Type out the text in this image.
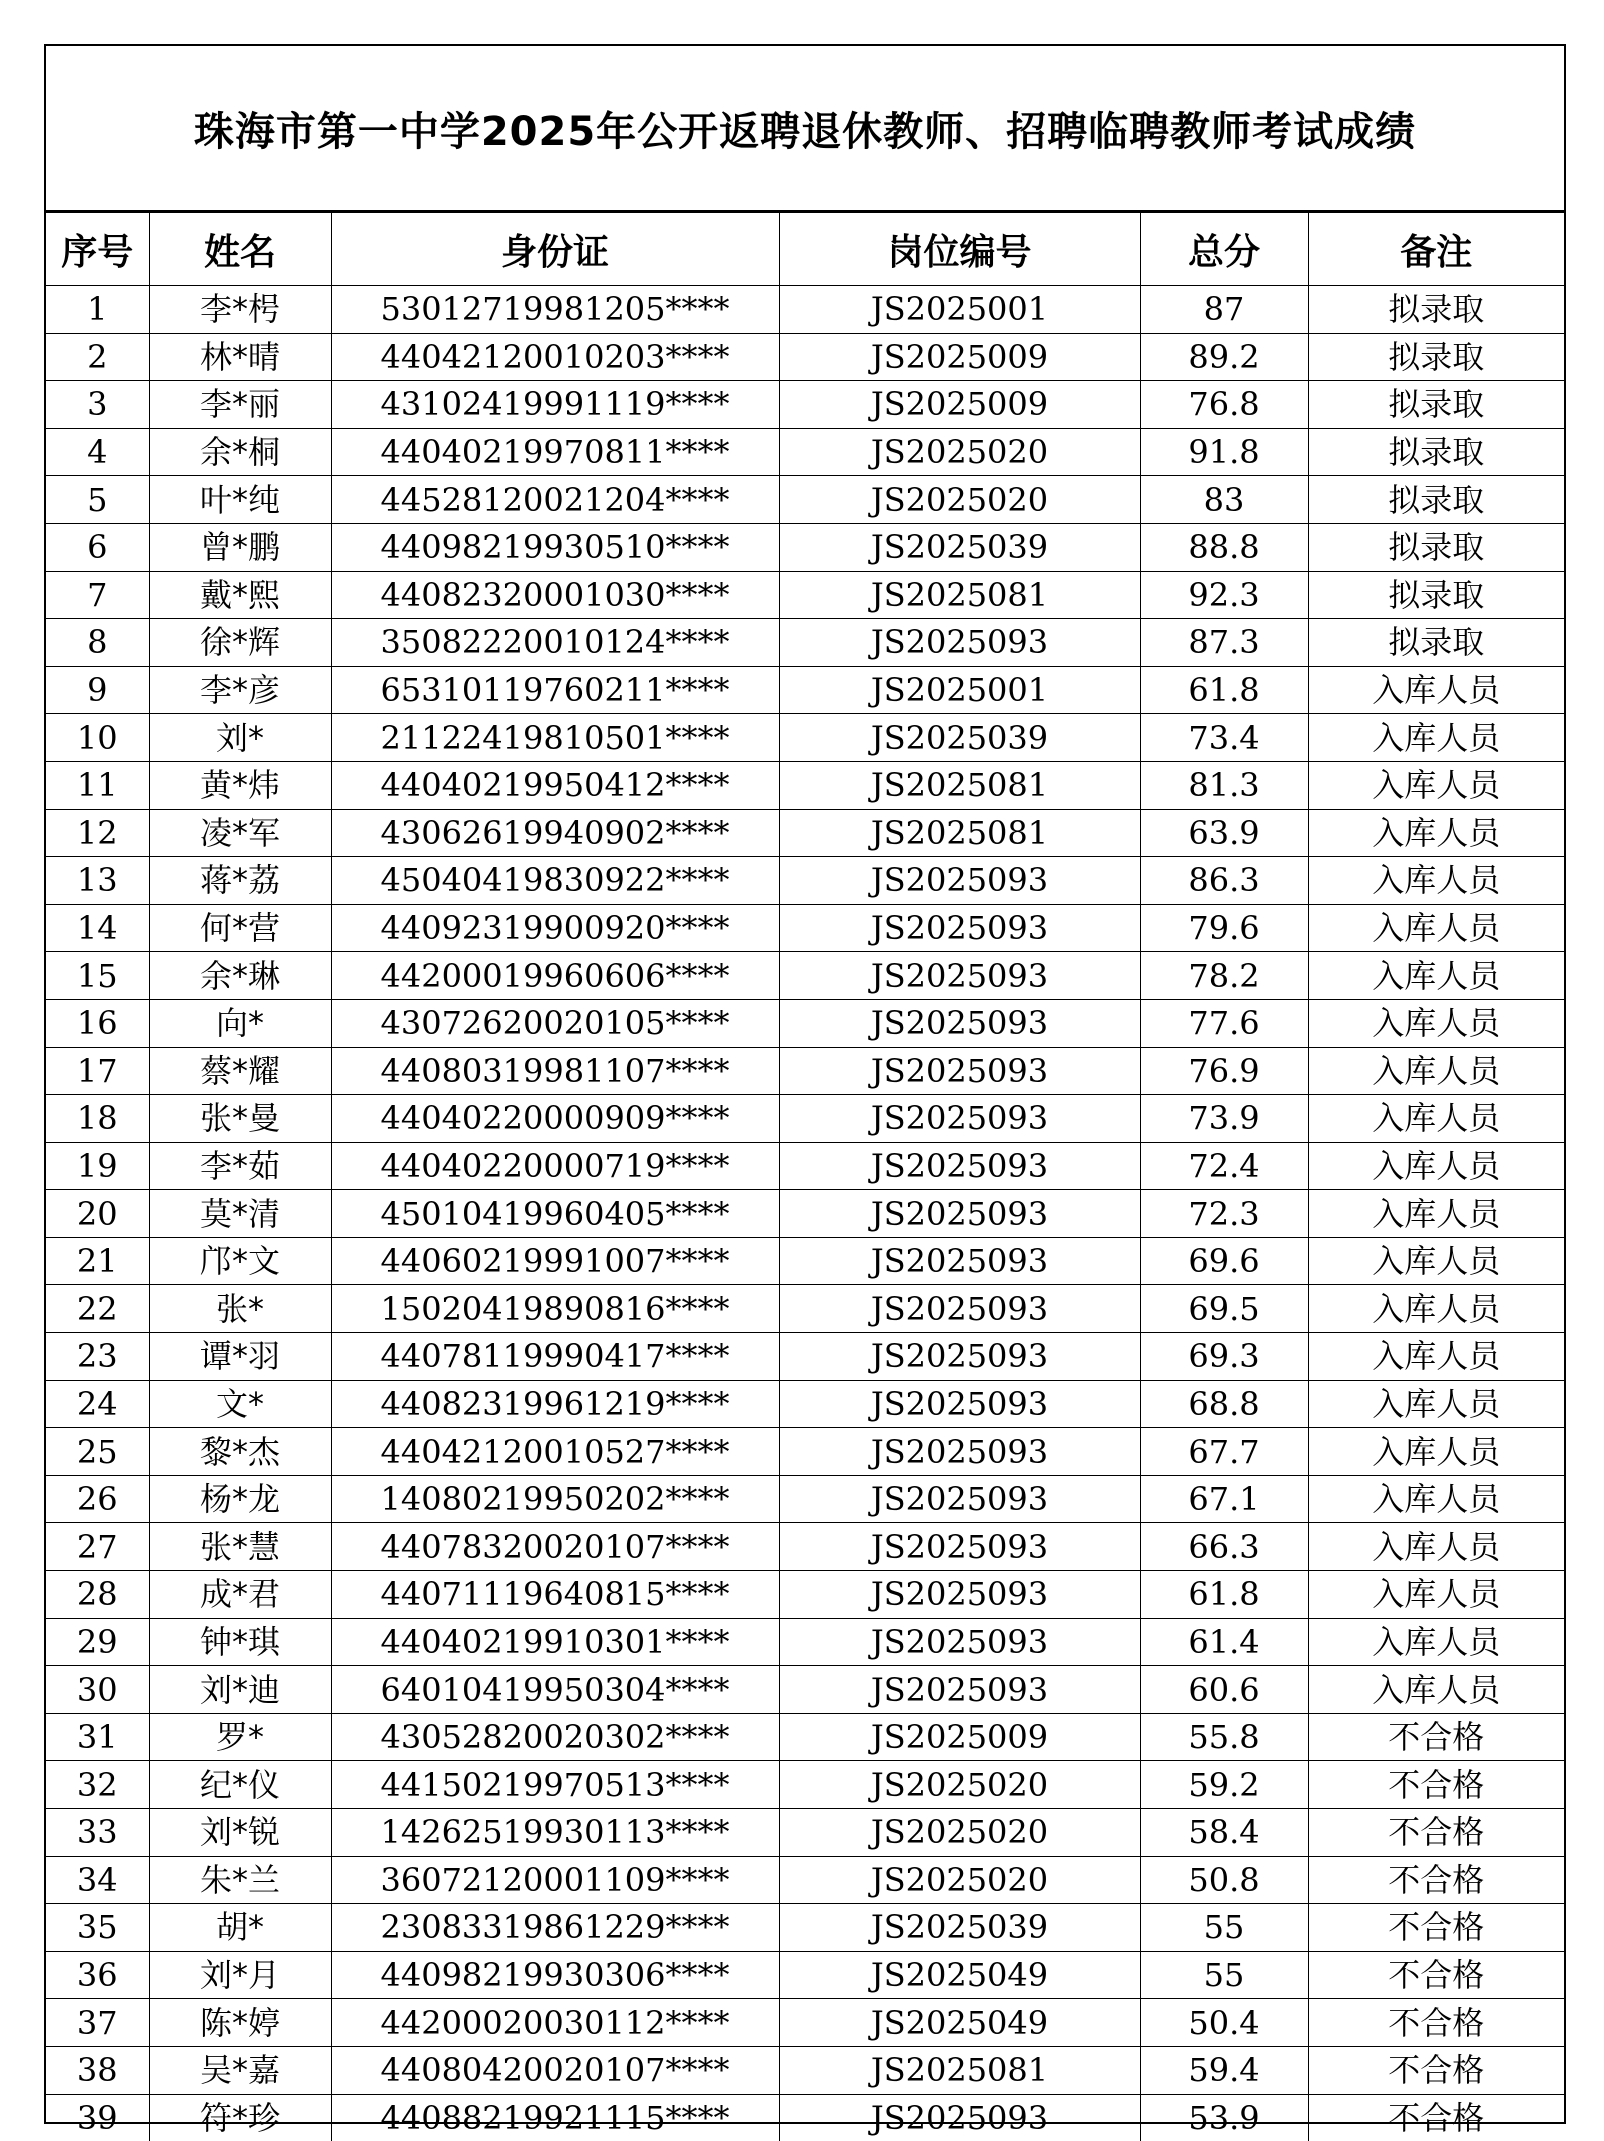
珠海市第一中学2025年公开返聘退休教师、招聘临聘教师考试成绩
序号	姓名	身份证	岗位编号	总分	备注
1	李*枵	53012719981205****	JS2025001	87	拟录取
2	林*晴	44042120010203****	JS2025009	89.2	拟录取
3	李*丽	43102419991119****	JS2025009	76.8	拟录取
4	余*桐	44040219970811****	JS2025020	91.8	拟录取
5	叶*纯	44528120021204****	JS2025020	83	拟录取
6	曾*鹏	44098219930510****	JS2025039	88.8	拟录取
7	戴*熙	44082320001030****	JS2025081	92.3	拟录取
8	徐*辉	35082220010124****	JS2025093	87.3	拟录取
9	李*彦	65310119760211****	JS2025001	61.8	入库人员
10	刘*	21122419810501****	JS2025039	73.4	入库人员
11	黄*炜	44040219950412****	JS2025081	81.3	入库人员
12	凌*军	43062619940902****	JS2025081	63.9	入库人员
13	蒋*荔	45040419830922****	JS2025093	86.3	入库人员
14	何*营	44092319900920****	JS2025093	79.6	入库人员
15	余*琳	44200019960606****	JS2025093	78.2	入库人员
16	向*	43072620020105****	JS2025093	77.6	入库人员
17	蔡*耀	44080319981107****	JS2025093	76.9	入库人员
18	张*曼	44040220000909****	JS2025093	73.9	入库人员
19	李*茹	44040220000719****	JS2025093	72.4	入库人员
20	莫*清	45010419960405****	JS2025093	72.3	入库人员
21	邝*文	44060219991007****	JS2025093	69.6	入库人员
22	张*	15020419890816****	JS2025093	69.5	入库人员
23	谭*羽	44078119990417****	JS2025093	69.3	入库人员
24	文*	44082319961219****	JS2025093	68.8	入库人员
25	黎*杰	44042120010527****	JS2025093	67.7	入库人员
26	杨*龙	14080219950202****	JS2025093	67.1	入库人员
27	张*慧	44078320020107****	JS2025093	66.3	入库人员
28	成*君	44071119640815****	JS2025093	61.8	入库人员
29	钟*琪	44040219910301****	JS2025093	61.4	入库人员
30	刘*迪	64010419950304****	JS2025093	60.6	入库人员
31	罗*	43052820020302****	JS2025009	55.8	不合格
32	纪*仪	44150219970513****	JS2025020	59.2	不合格
33	刘*锐	14262519930113****	JS2025020	58.4	不合格
34	朱*兰	36072120001109****	JS2025020	50.8	不合格
35	胡*	23083319861229****	JS2025039	55	不合格
36	刘*月	44098219930306****	JS2025049	55	不合格
37	陈*婷	44200020030112****	JS2025049	50.4	不合格
38	吴*嘉	44080420020107****	JS2025081	59.4	不合格
39	符*珍	44088219921115****	JS2025093	53.9	不合格
